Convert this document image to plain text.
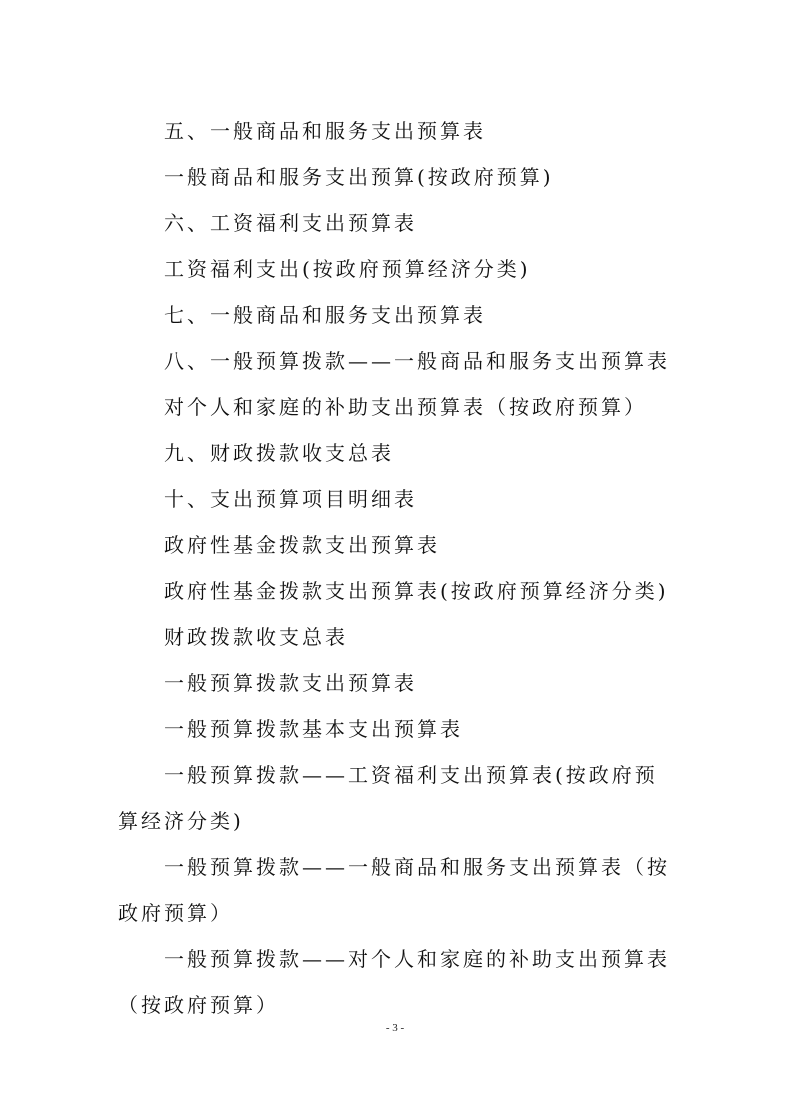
五、一般商品和服务支出预算表
一般商品和服务支出预算(按政府预算)
六、工资福利支出预算表
工资福利支出(按政府预算经济分类)
七、一般商品和服务支出预算表
八、一般预算拨款——一般商品和服务支出预算表
对个人和家庭的补助支出预算表（按政府预算）
九、财政拨款收支总表
十、支出预算项目明细表
政府性基金拨款支出预算表
政府性基金拨款支出预算表(按政府预算经济分类)
财政拨款收支总表
一般预算拨款支出预算表
一般预算拨款基本支出预算表
一般预算拨款——工资福利支出预算表(按政府预算经济分类)
一般预算拨款——一般商品和服务支出预算表（按政府预算）
一般预算拨款——对个人和家庭的补助支出预算表（按政府预算）
- 3 -
